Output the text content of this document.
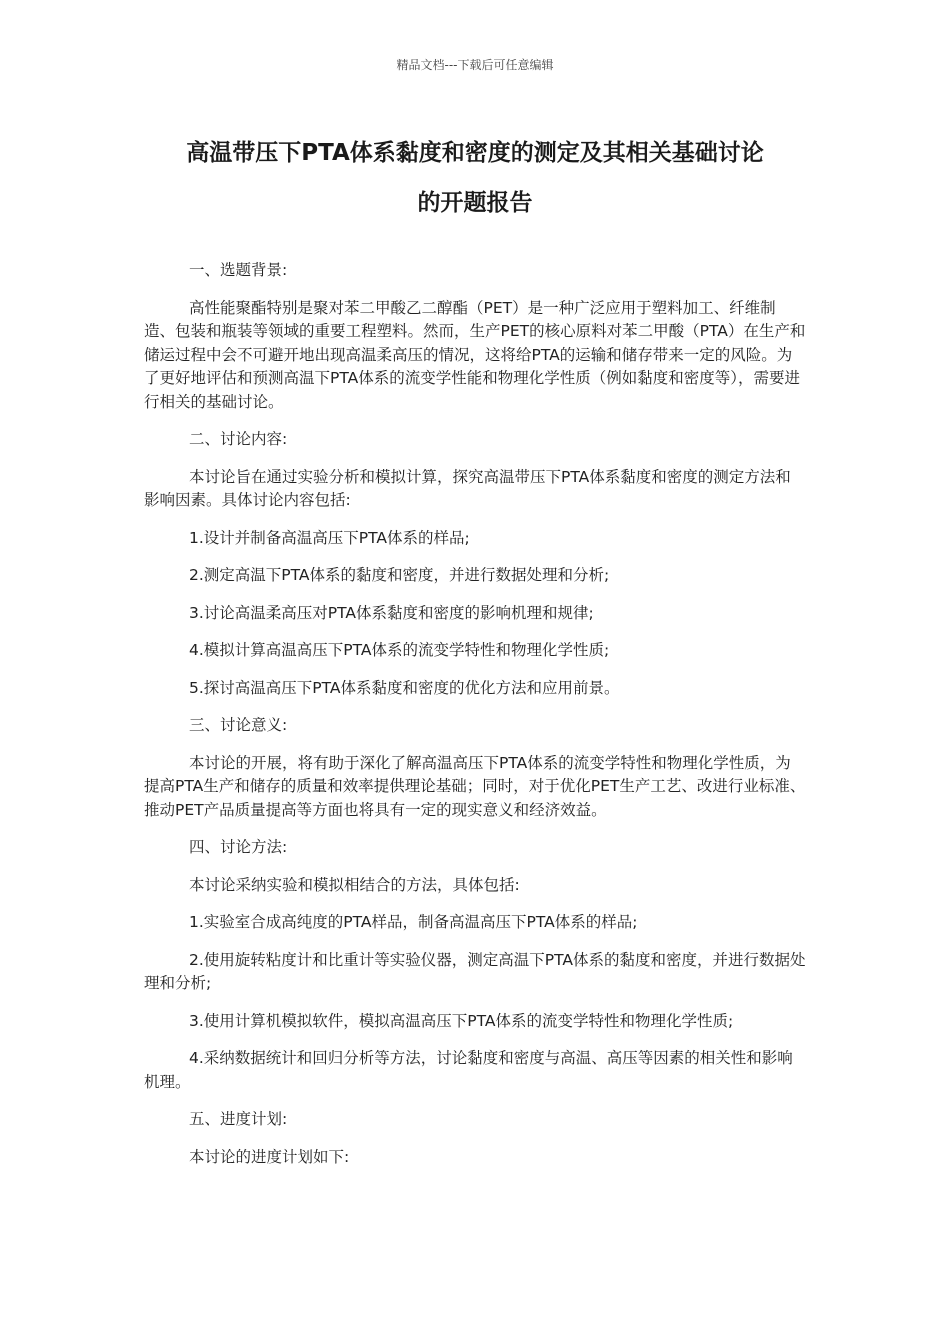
精品文档---下载后可任意编辑
高温带压下PTA体系黏度和密度的测定及其相关基础讨论
的开题报告

一、选题背景:

高性能聚酯特别是聚对苯二甲酸乙二醇酯（PET）是一种广泛应用于塑料加工、纤维制造、包装和瓶装等领域的重要工程塑料。然而，生产PET的核心原料对苯二甲酸（PTA）在生产和储运过程中会不可避开地出现高温柔高压的情况，这将给PTA的运输和储存带来一定的风险。为了更好地评估和预测高温下PTA体系的流变学性能和物理化学性质（例如黏度和密度等），需要进行相关的基础讨论。

二、讨论内容:

本讨论旨在通过实验分析和模拟计算，探究高温带压下PTA体系黏度和密度的测定方法和影响因素。具体讨论内容包括:

1.设计并制备高温高压下PTA体系的样品;

2.测定高温下PTA体系的黏度和密度，并进行数据处理和分析;

3.讨论高温柔高压对PTA体系黏度和密度的影响机理和规律;

4.模拟计算高温高压下PTA体系的流变学特性和物理化学性质;

5.探讨高温高压下PTA体系黏度和密度的优化方法和应用前景。

三、讨论意义:

本讨论的开展，将有助于深化了解高温高压下PTA体系的流变学特性和物理化学性质，为提高PTA生产和储存的质量和效率提供理论基础；同时，对于优化PET生产工艺、改进行业标准、推动PET产品质量提高等方面也将具有一定的现实意义和经济效益。

四、讨论方法:

本讨论采纳实验和模拟相结合的方法，具体包括:

1.实验室合成高纯度的PTA样品，制备高温高压下PTA体系的样品;

2.使用旋转粘度计和比重计等实验仪器，测定高温下PTA体系的黏度和密度，并进行数据处理和分析;

3.使用计算机模拟软件，模拟高温高压下PTA体系的流变学特性和物理化学性质;

4.采纳数据统计和回归分析等方法，讨论黏度和密度与高温、高压等因素的相关性和影响机理。

五、进度计划:

本讨论的进度计划如下:
